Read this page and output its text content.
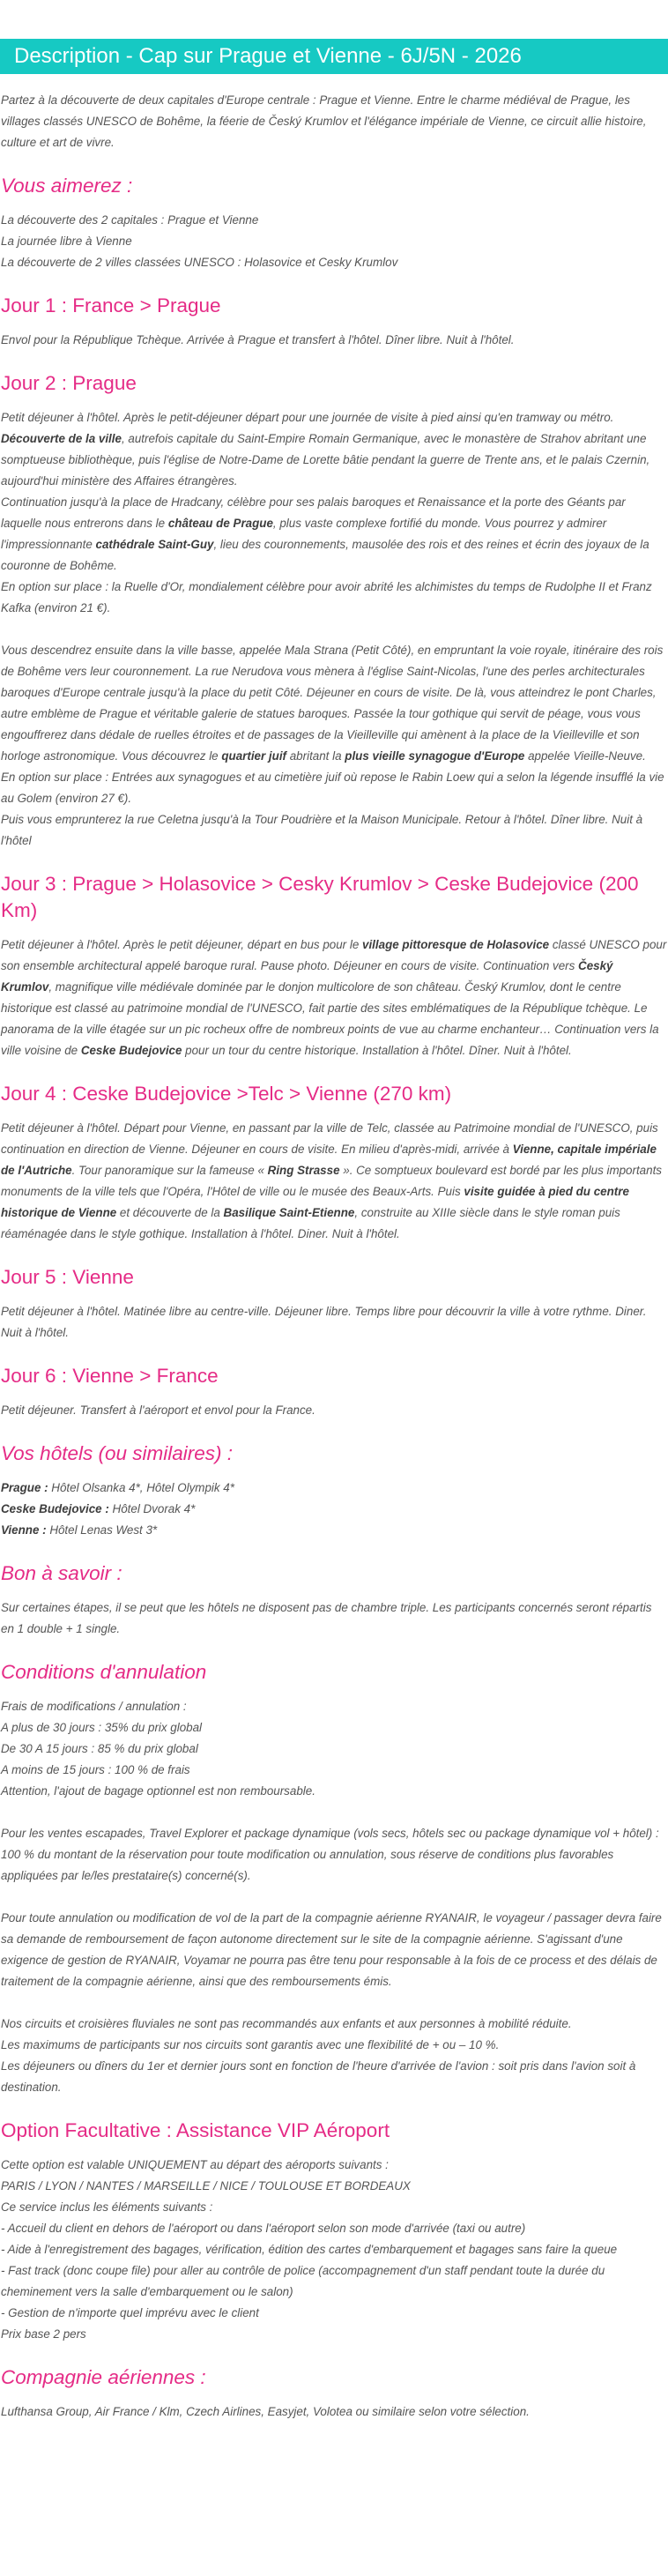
Description - Cap sur Prague et Vienne - 6J/5N - 2026

Partez à la découverte de deux capitales d'Europe centrale : Prague et Vienne. Entre le charme médiéval de Prague, les villages classés UNESCO de Bohême, la féerie de Český Krumlov et l'élégance impériale de Vienne, ce circuit allie histoire, culture et art de vivre.

Vous aimerez :

La découverte des 2 capitales : Prague et Vienne
La journée libre à Vienne
La découverte de 2 villes classées UNESCO : Holasovice et Cesky Krumlov

Jour 1 : France > Prague

Envol pour la République Tchèque. Arrivée à Prague et transfert à l'hôtel. Dîner libre. Nuit à l'hôtel.

Jour 2 : Prague

Petit déjeuner à l'hôtel. Après le petit-déjeuner départ pour une journée de visite à pied ainsi qu'en tramway ou métro. Découverte de la ville, autrefois capitale du Saint-Empire Romain Germanique, avec le monastère de Strahov abritant une somptueuse bibliothèque, puis l'église de Notre-Dame de Lorette bâtie pendant la guerre de Trente ans, et le palais Czernin, aujourd'hui ministère des Affaires étrangères.

Continuation jusqu'à la place de Hradcany, célèbre pour ses palais baroques et Renaissance et la porte des Géants par laquelle nous entrerons dans le château de Prague, plus vaste complexe fortifié du monde. Vous pourrez y admirer l'impressionnante cathédrale Saint-Guy, lieu des couronnements, mausolée des rois et des reines et écrin des joyaux de la couronne de Bohême.

En option sur place : la Ruelle d'Or, mondialement célèbre pour avoir abrité les alchimistes du temps de Rudolphe II et Franz Kafka (environ 21 €).

Vous descendrez ensuite dans la ville basse, appelée Mala Strana (Petit Côté), en empruntant la voie royale, itinéraire des rois de Bohême vers leur couronnement. La rue Nerudova vous mènera à l'église Saint-Nicolas, l'une des perles architecturales baroques d'Europe centrale jusqu'à la place du petit Côté. Déjeuner en cours de visite. De là, vous atteindrez le pont Charles, autre emblème de Prague et véritable galerie de statues baroques. Passée la tour gothique qui servit de péage, vous vous engouffrerez dans dédale de ruelles étroites et de passages de la Vieilleville qui amènent à la place de la Vieilleville et son horloge astronomique. Vous découvrez le quartier juif abritant la plus vieille synagogue d'Europe appelée Vieille-Neuve.

En option sur place : Entrées aux synagogues et au cimetière juif où repose le Rabin Loew qui a selon la légende insufflé la vie au Golem (environ 27 €).

Puis vous emprunterez la rue Celetna jusqu'à la Tour Poudrière et la Maison Municipale. Retour à l'hôtel. Dîner libre. Nuit à l'hôtel

Jour 3 : Prague > Holasovice > Cesky Krumlov > Ceske Budejovice (200 Km)

Petit déjeuner à l'hôtel. Après le petit déjeuner, départ en bus pour le village pittoresque de Holasovice classé UNESCO pour son ensemble architectural appelé baroque rural. Pause photo. Déjeuner en cours de visite. Continuation vers Český Krumlov, magnifique ville médiévale dominée par le donjon multicolore de son château. Český Krumlov, dont le centre historique est classé au patrimoine mondial de l'UNESCO, fait partie des sites emblématiques de la République tchèque. Le panorama de la ville étagée sur un pic rocheux offre de nombreux points de vue au charme enchanteur… Continuation vers la ville voisine de Ceske Budejovice pour un tour du centre historique. Installation à l'hôtel. Dîner. Nuit à l'hôtel.

Jour 4 : Ceske Budejovice >Telc > Vienne (270 km)

Petit déjeuner à l'hôtel. Départ pour Vienne, en passant par la ville de Telc, classée au Patrimoine mondial de l'UNESCO, puis continuation en direction de Vienne. Déjeuner en cours de visite. En milieu d'après-midi, arrivée à Vienne, capitale impériale de l'Autriche. Tour panoramique sur la fameuse « Ring Strasse ». Ce somptueux boulevard est bordé par les plus importants monuments de la ville tels que l'Opéra, l'Hôtel de ville ou le musée des Beaux-Arts. Puis visite guidée à pied du centre historique de Vienne et découverte de la Basilique Saint-Etienne, construite au XIIIe siècle dans le style roman puis réaménagée dans le style gothique. Installation à l'hôtel. Diner. Nuit à l'hôtel.

Jour 5 : Vienne

Petit déjeuner à l'hôtel. Matinée libre au centre-ville. Déjeuner libre. Temps libre pour découvrir la ville à votre rythme. Diner. Nuit à l'hôtel.

Jour 6 : Vienne > France

Petit déjeuner. Transfert à l'aéroport et envol pour la France.

Vos hôtels (ou similaires) :

Prague : Hôtel Olsanka 4*, Hôtel Olympik 4*
Ceske Budejovice : Hôtel Dvorak 4*
Vienne : Hôtel Lenas West 3*

Bon à savoir :

Sur certaines étapes, il se peut que les hôtels ne disposent pas de chambre triple. Les participants concernés seront répartis en 1 double + 1 single.

Conditions d'annulation

Frais de modifications / annulation :
A plus de 30 jours : 35% du prix global
De 30 A 15 jours : 85 % du prix global
A moins de 15 jours : 100 % de frais
Attention, l'ajout de bagage optionnel est non remboursable.

Pour les ventes escapades, Travel Explorer et package dynamique (vols secs, hôtels sec ou package dynamique vol + hôtel) : 100 % du montant de la réservation pour toute modification ou annulation, sous réserve de conditions plus favorables appliquées par le/les prestataire(s) concerné(s).

Pour toute annulation ou modification de vol de la part de la compagnie aérienne RYANAIR, le voyageur / passager devra faire sa demande de remboursement de façon autonome directement sur le site de la compagnie aérienne. S'agissant d'une exigence de gestion de RYANAIR, Voyamar ne pourra pas être tenu pour responsable à la fois de ce process et des délais de traitement de la compagnie aérienne, ainsi que des remboursements émis.

Nos circuits et croisières fluviales ne sont pas recommandés aux enfants et aux personnes à mobilité réduite.
Les maximums de participants sur nos circuits sont garantis avec une flexibilité de + ou – 10 %.
Les déjeuners ou dîners du 1er et dernier jours sont en fonction de l'heure d'arrivée de l'avion : soit pris dans l'avion soit à destination.

Option Facultative : Assistance VIP Aéroport

Cette option est valable UNIQUEMENT au départ des aéroports suivants :
PARIS / LYON / NANTES / MARSEILLE / NICE / TOULOUSE ET BORDEAUX
Ce service inclus les éléments suivants :
- Accueil du client en dehors de l'aéroport ou dans l'aéroport selon son mode d'arrivée (taxi ou autre)
- Aide à l'enregistrement des bagages, vérification, édition des cartes d'embarquement et bagages sans faire la queue
- Fast track (donc coupe file) pour aller au contrôle de police (accompagnement d'un staff pendant toute la durée du cheminement vers la salle d'embarquement ou le salon)
- Gestion de n'importe quel imprévu avec le client
Prix base 2 pers

Compagnie aériennes :

Lufthansa Group, Air France / Klm, Czech Airlines, Easyjet, Volotea ou similaire selon votre sélection.
